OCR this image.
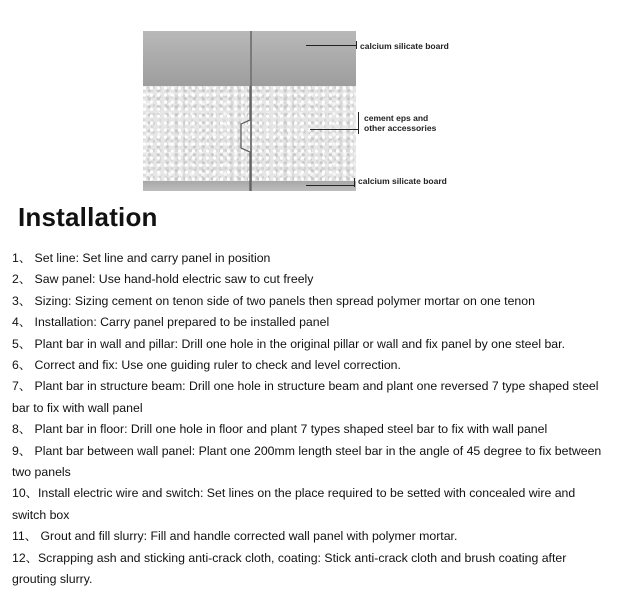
calcium silicate board
cement eps and
other accessories
calcium silicate board
Installation
1、 Set line: Set line and carry panel in position
2、 Saw panel: Use hand-hold electric saw to cut freely
3、 Sizing: Sizing cement on tenon side of two panels then spread polymer mortar on one tenon
4、 Installation: Carry panel prepared to be installed panel
5、 Plant bar in wall and pillar: Drill one hole in the original pillar or wall and fix panel by one steel bar.
6、 Correct and fix: Use one guiding ruler to check and level correction.
7、 Plant bar in structure beam: Drill one hole in structure beam and plant one reversed 7 type shaped steel bar to fix with wall panel
8、 Plant bar in floor: Drill one hole in floor and plant 7 types shaped steel bar to fix with wall panel
9、 Plant bar between wall panel: Plant one 200mm length steel bar in the angle of 45 degree to fix between two panels
10、Install electric wire and switch: Set lines on the place required to be setted with concealed wire and switch box
11、 Grout and fill slurry: Fill and handle corrected wall panel with polymer mortar.
12、Scrapping ash and sticking anti-crack cloth, coating: Stick anti-crack cloth and brush coating after grouting slurry.
